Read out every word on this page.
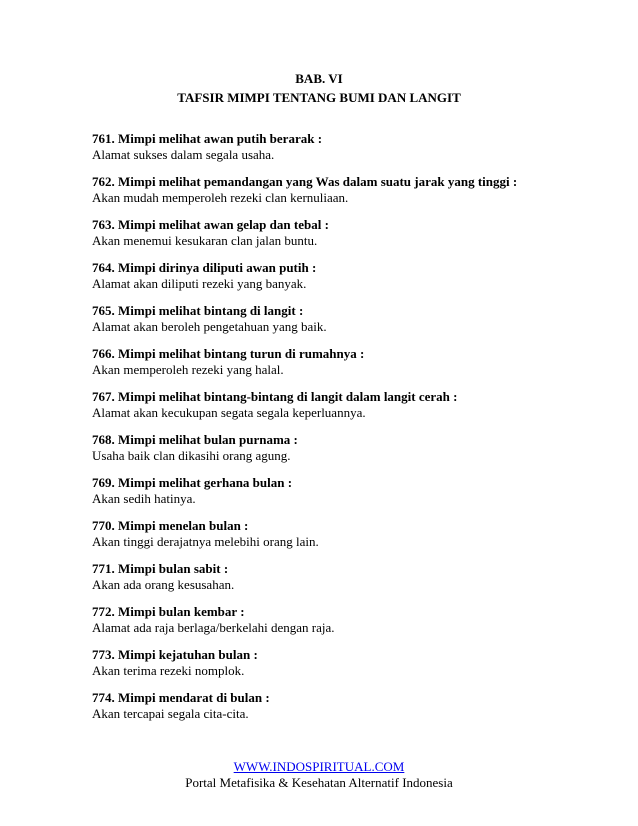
BAB. VI
TAFSIR MIMPI TENTANG BUMI DAN LANGIT
761. Mimpi melihat awan putih berarak :
Alamat sukses dalam segala usaha.
762. Mimpi melihat pemandangan yang Was dalam suatu jarak yang tinggi :
Akan mudah memperoleh rezeki clan kernuliaan.
763. Mimpi melihat awan gelap dan tebal :
Akan menemui kesukaran clan jalan buntu.
764. Mimpi dirinya diliputi awan putih :
Alamat akan diliputi rezeki yang banyak.
765. Mimpi melihat bintang di langit :
Alamat akan beroleh pengetahuan yang baik.
766. Mimpi melihat bintang turun di rumahnya :
Akan memperoleh rezeki yang halal.
767. Mimpi melihat bintang-bintang di langit dalam langit cerah :
Alamat akan kecukupan segata segala keperluannya.
768. Mimpi melihat bulan purnama :
Usaha baik clan dikasihi orang agung.
769. Mimpi melihat gerhana bulan :
Akan sedih hatinya.
770. Mimpi menelan bulan :
Akan tinggi derajatnya melebihi orang lain.
771. Mimpi bulan sabit :
Akan ada orang kesusahan.
772. Mimpi bulan kembar :
Alamat ada raja berlaga/berkelahi dengan raja.
773. Mimpi kejatuhan bulan :
Akan terima rezeki nomplok.
774. Mimpi mendarat di bulan :
Akan tercapai segala cita-cita.
WWW.INDOSPIRITUAL.COM
Portal Metafisika & Kesehatan Alternatif Indonesia
